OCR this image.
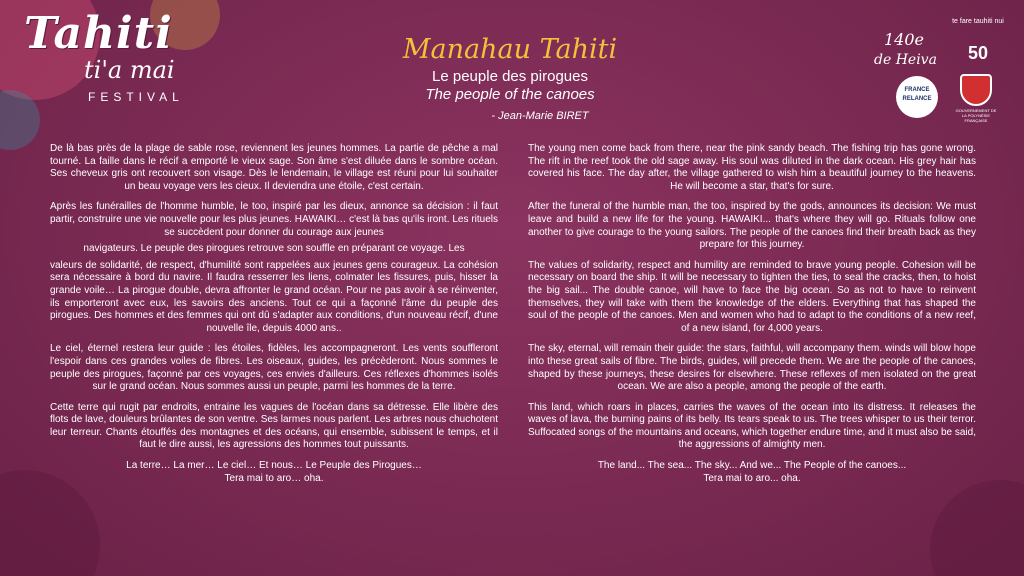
Tahiti
ti'a mai
FESTIVAL
Manahau Tahiti
Le peuple des pirogues
The people of the canoes
- Jean-Marie BIRET
140e
de Heiva
te fare tauhiti nui
50
FRANCE RELANCE
GOUVERNEMENT DE LA POLYNÉSIE FRANÇAISE

De là bas près de la plage de sable rose, reviennent les jeunes hommes. La partie de pêche a mal tourné. La faille dans le récif a emporté le vieux sage. Son âme s'est diluée dans le sombre océan. Ses cheveux gris ont recouvert son visage. Dès le lendemain, le village est réuni pour lui souhaiter un beau voyage vers les cieux. Il deviendra une étoile, c'est certain.

Après les funérailles de l'homme humble, le too, inspiré par les dieux, annonce sa décision : il faut partir, construire une vie nouvelle pour les plus jeunes. HAWAIKI… c'est là bas qu'ils iront. Les rituels se succèdent pour donner du courage aux jeunes

navigateurs. Le peuple des pirogues retrouve son souffle en préparant ce voyage. Les

valeurs de solidarité, de respect, d'humilité sont rappelées aux jeunes gens courageux. La cohésion sera nécessaire à bord du navire. Il faudra resserrer les liens, colmater les fissures, puis, hisser la grande voile… La pirogue double, devra affronter le grand océan. Pour ne pas avoir à se réinventer, ils emporteront avec eux, les savoirs des anciens. Tout ce qui a façonné l'âme du peuple des pirogues. Des hommes et des femmes qui ont dû s'adapter aux conditions, d'un nouveau récif, d'une nouvelle île, depuis 4000 ans..

Le ciel, éternel restera leur guide : les étoiles, fidèles, les accompagneront. Les vents souffleront l'espoir dans ces grandes voiles de fibres. Les oiseaux, guides, les précèderont. Nous sommes le peuple des pirogues, façonné par ces voyages, ces envies d'ailleurs. Ces réflexes d'hommes isolés sur le grand océan. Nous sommes aussi un peuple, parmi les hommes de la terre.

Cette terre qui rugit par endroits, entraine les vagues de l'océan dans sa détresse. Elle libère des flots de lave, douleurs brûlantes de son ventre. Ses larmes nous parlent. Les arbres nous chuchotent leur terreur. Chants étouffés des montagnes et des océans, qui ensemble, subissent le temps, et il faut le dire aussi, les agressions des hommes tout puissants.

La terre… La mer… Le ciel… Et nous… Le Peuple des Pirogues…

Tera mai to aro… oha.

The young men come back from there, near the pink sandy beach. The fishing trip has gone wrong. The rift in the reef took the old sage away. His soul was diluted in the dark ocean. His grey hair has covered his face. The day after, the village gathered to wish him a beautiful journey to the heavens. He will become a star, that's for sure.

After the funeral of the humble man, the too, inspired by the gods, announces its decision: We must leave and build a new life for the young. HAWAIKI... that's where they will go. Rituals follow one another to give courage to the young sailors. The people of the canoes find their breath back as they prepare for this journey.

The values of solidarity, respect and humility are reminded to brave young people. Cohesion will be necessary on board the ship. It will be necessary to tighten the ties, to seal the cracks, then, to hoist the big sail... The double canoe, will have to face the big ocean. So as not to have to reinvent themselves, they will take with them the knowledge of the elders. Everything that has shaped the soul of the people of the canoes. Men and women who had to adapt to the conditions of a new reef, of a new island, for 4,000 years.

The sky, eternal, will remain their guide: the stars, faithful, will accompany them. winds will blow hope into these great sails of fibre. The birds, guides, will precede them. We are the people of the canoes, shaped by these journeys, these desires for elsewhere. These reflexes of men isolated on the great ocean. We are also a people, among the people of the earth.

This land, which roars in places, carries the waves of the ocean into its distress. It releases the waves of lava, the burning pains of its belly. Its tears speak to us. The trees whisper to us their terror. Suffocated songs of the mountains and oceans, which together endure time, and it must also be said, the aggressions of almighty men.

The land... The sea... The sky... And we... The People of the canoes...

Tera mai to aro... oha.
